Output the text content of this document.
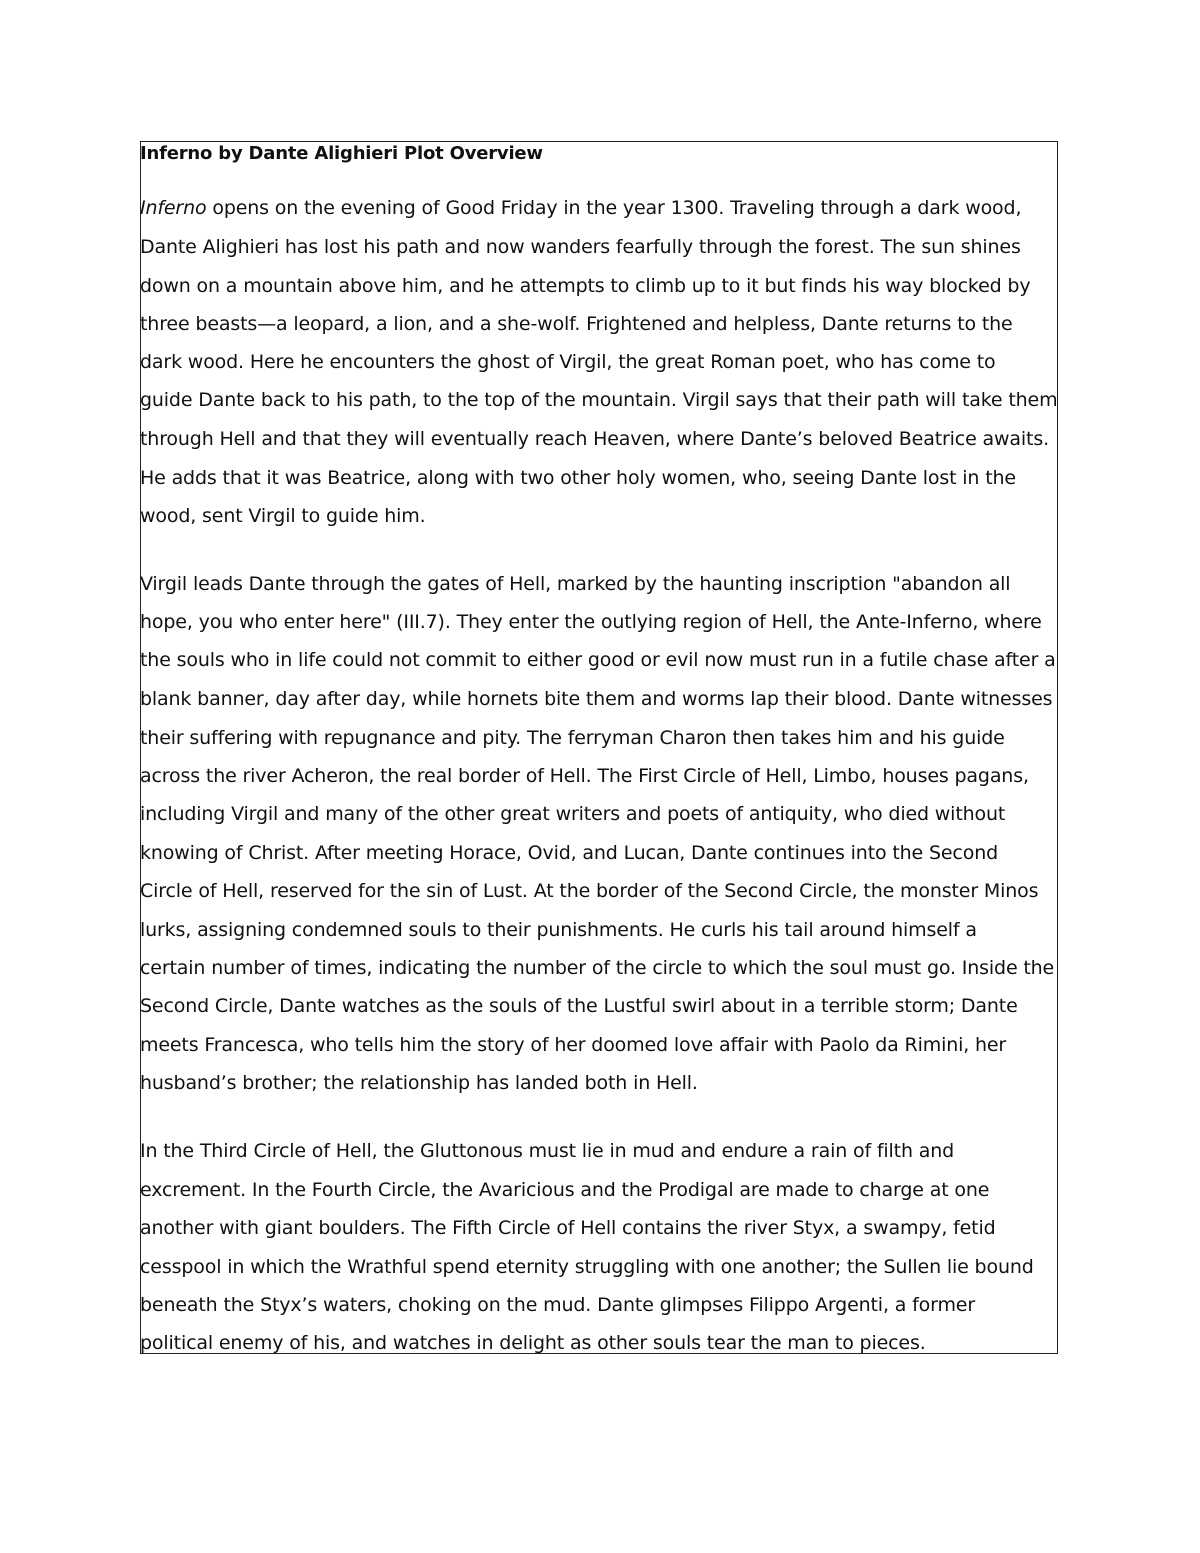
Inferno by Dante Alighieri Plot Overview
Inferno opens on the evening of Good Friday in the year 1300. Traveling through a dark wood,
Dante Alighieri has lost his path and now wanders fearfully through the forest. The sun shines
down on a mountain above him, and he attempts to climb up to it but finds his way blocked by
three beasts—a leopard, a lion, and a she-wolf. Frightened and helpless, Dante returns to the
dark wood. Here he encounters the ghost of Virgil, the great Roman poet, who has come to
guide Dante back to his path, to the top of the mountain. Virgil says that their path will take them
through Hell and that they will eventually reach Heaven, where Dante’s beloved Beatrice awaits.
He adds that it was Beatrice, along with two other holy women, who, seeing Dante lost in the
wood, sent Virgil to guide him.
Virgil leads Dante through the gates of Hell, marked by the haunting inscription "abandon all
hope, you who enter here" (III.7). They enter the outlying region of Hell, the Ante-Inferno, where
the souls who in life could not commit to either good or evil now must run in a futile chase after a
blank banner, day after day, while hornets bite them and worms lap their blood. Dante witnesses
their suffering with repugnance and pity. The ferryman Charon then takes him and his guide
across the river Acheron, the real border of Hell. The First Circle of Hell, Limbo, houses pagans,
including Virgil and many of the other great writers and poets of antiquity, who died without
knowing of Christ. After meeting Horace, Ovid, and Lucan, Dante continues into the Second
Circle of Hell, reserved for the sin of Lust. At the border of the Second Circle, the monster Minos
lurks, assigning condemned souls to their punishments. He curls his tail around himself a
certain number of times, indicating the number of the circle to which the soul must go. Inside the
Second Circle, Dante watches as the souls of the Lustful swirl about in a terrible storm; Dante
meets Francesca, who tells him the story of her doomed love affair with Paolo da Rimini, her
husband’s brother; the relationship has landed both in Hell.
In the Third Circle of Hell, the Gluttonous must lie in mud and endure a rain of filth and
excrement. In the Fourth Circle, the Avaricious and the Prodigal are made to charge at one
another with giant boulders. The Fifth Circle of Hell contains the river Styx, a swampy, fetid
cesspool in which the Wrathful spend eternity struggling with one another; the Sullen lie bound
beneath the Styx’s waters, choking on the mud. Dante glimpses Filippo Argenti, a former
political enemy of his, and watches in delight as other souls tear the man to pieces.
